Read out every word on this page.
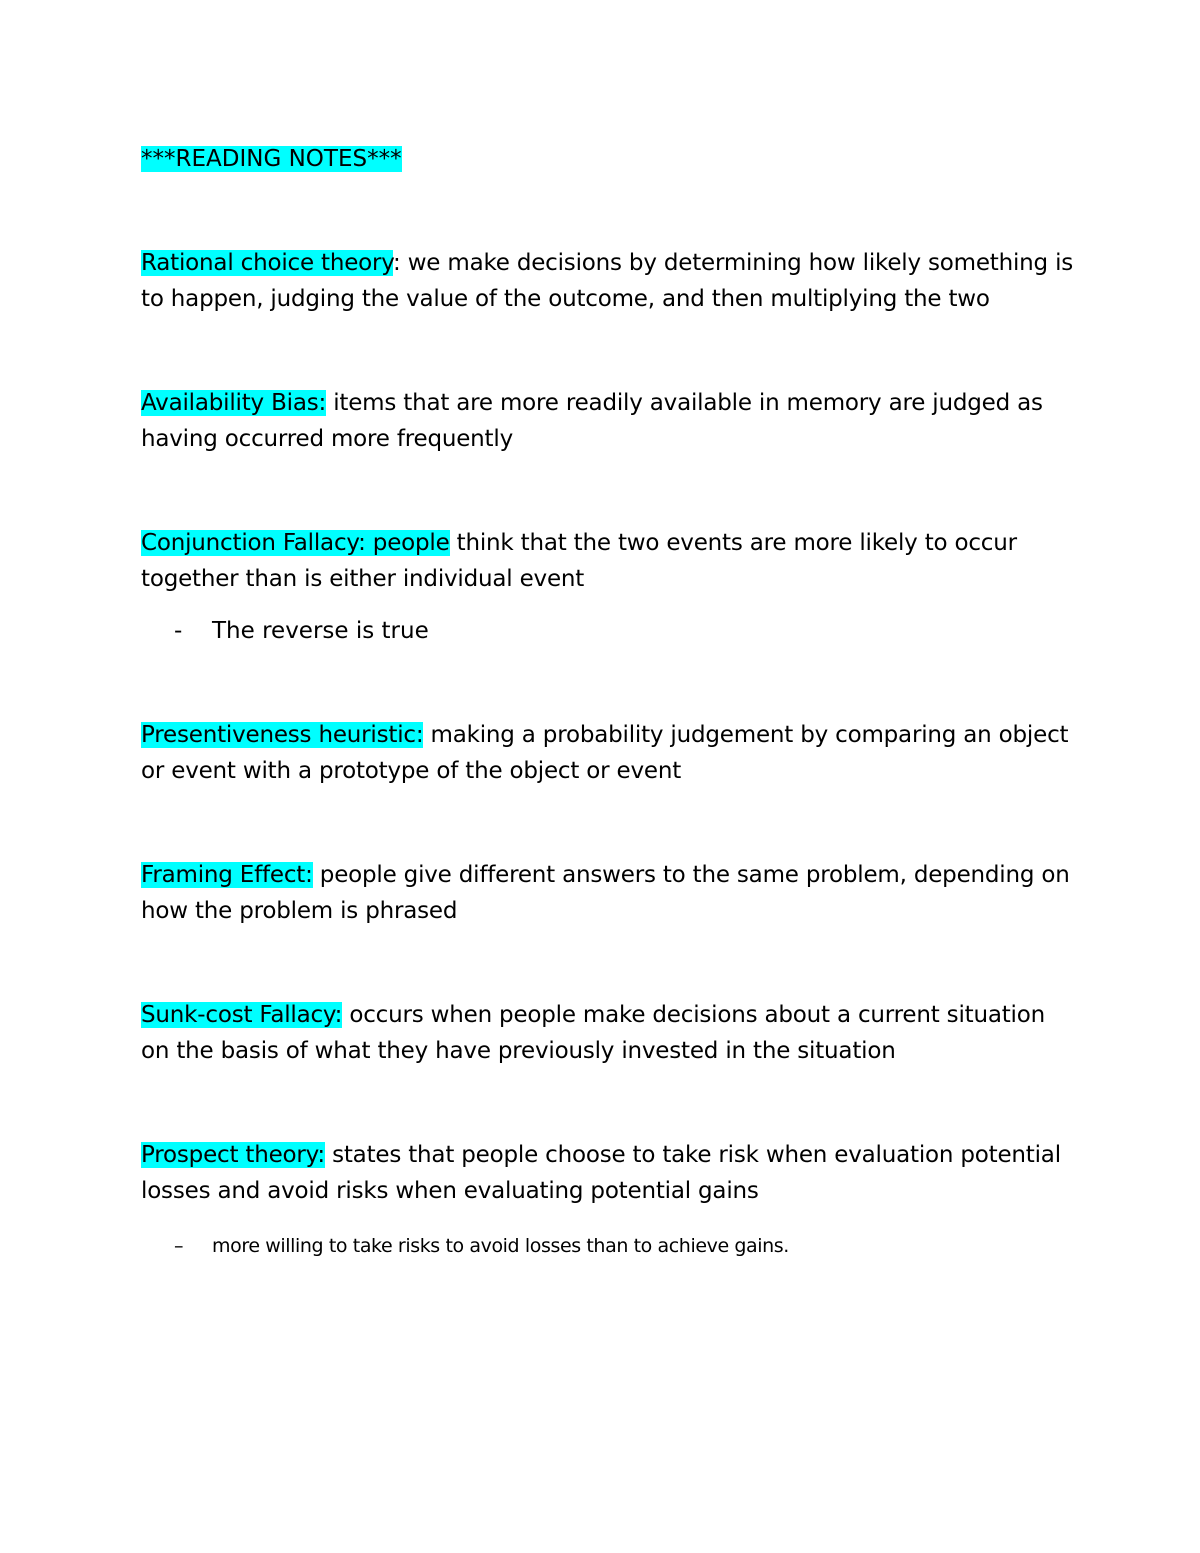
***READING NOTES***
Rational choice theory: we make decisions by determining how likely something is
to happen, judging the value of the outcome, and then multiplying the two
Availability Bias: items that are more readily available in memory are judged as
having occurred more frequently
Conjunction Fallacy: people think that the two events are more likely to occur
together than is either individual event
- The reverse is true
Presentiveness heuristic: making a probability judgement by comparing an object
or event with a prototype of the object or event
Framing Effect: people give different answers to the same problem, depending on
how the problem is phrased
Sunk-cost Fallacy: occurs when people make decisions about a current situation
on the basis of what they have previously invested in the situation
Prospect theory: states that people choose to take risk when evaluation potential
losses and avoid risks when evaluating potential gains
– more willing to take risks to avoid losses than to achieve gains.
